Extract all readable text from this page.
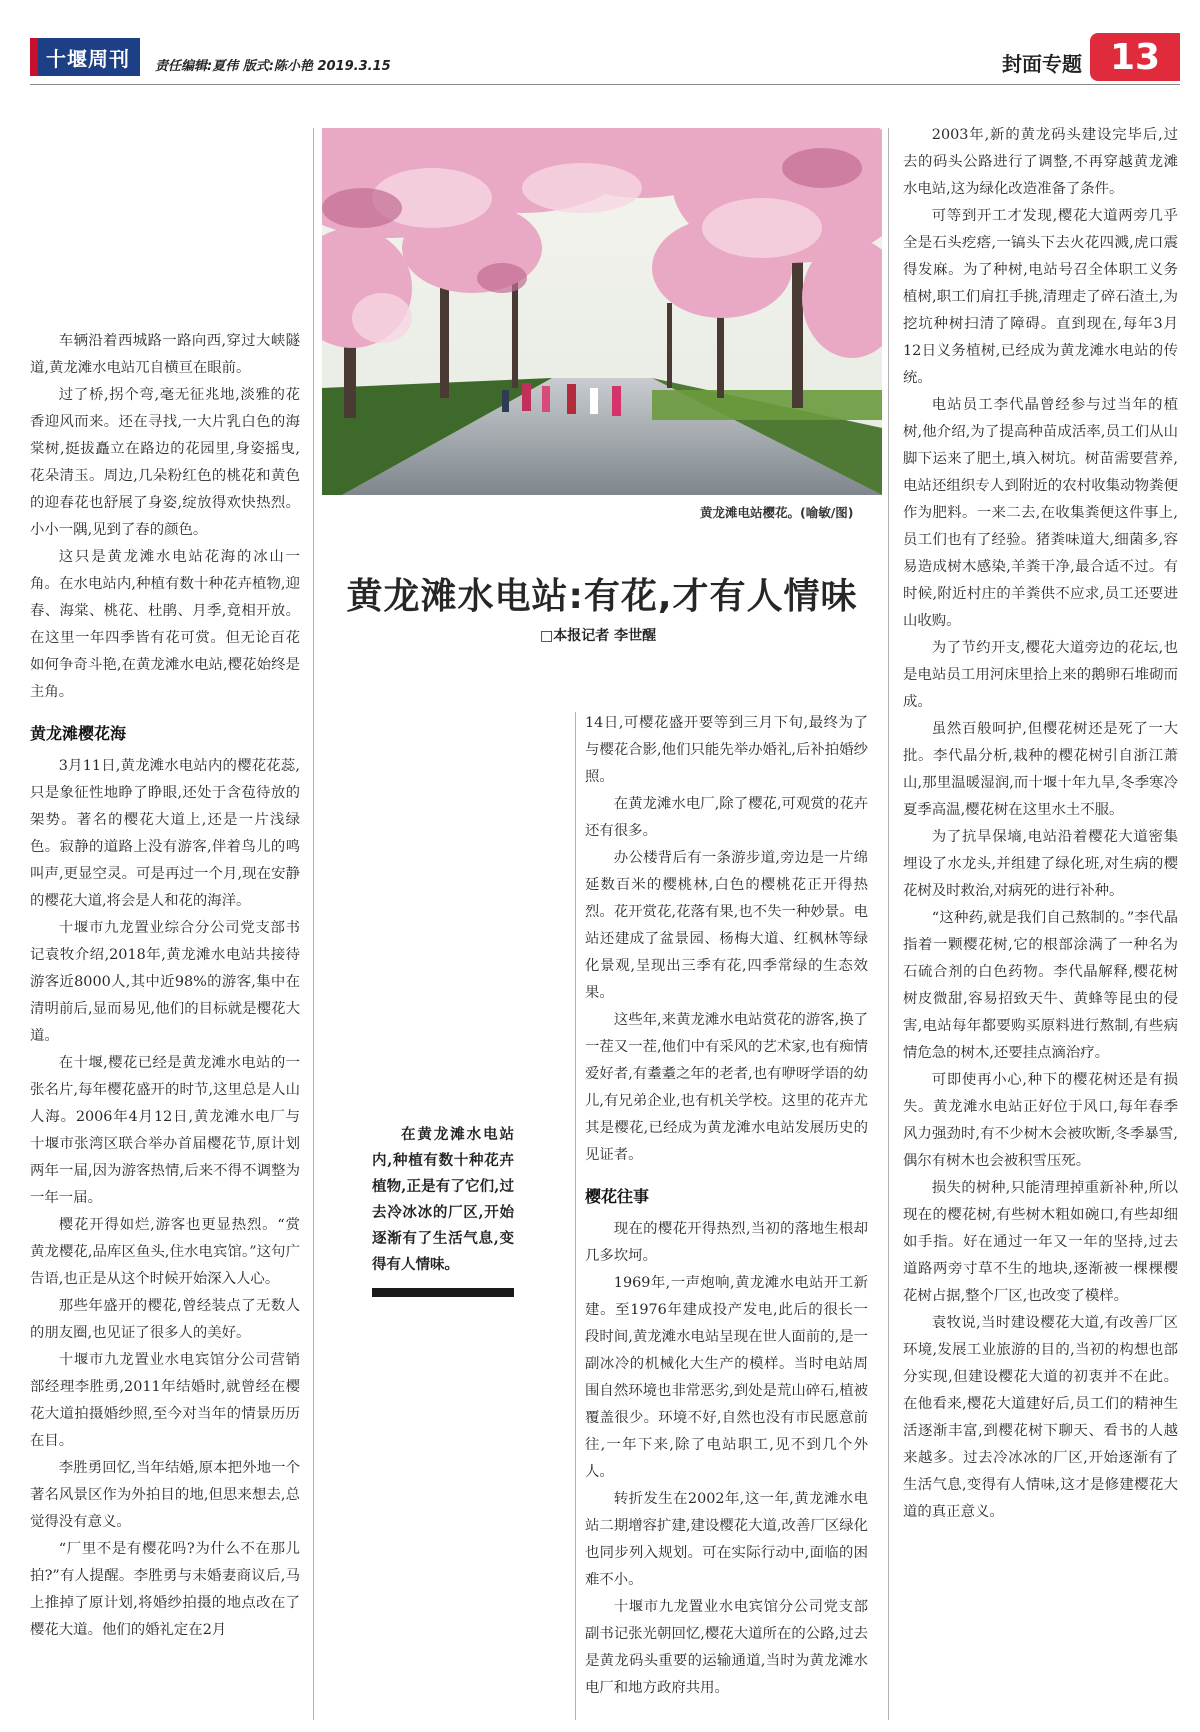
十堰周刊 责任编辑:夏伟 版式:陈小艳 2019.3.15	封面专题 13
黄龙滩电站樱花。(喻敏/图)
黄龙滩水电站:有花,才有人情味
□本报记者 李世醒

车辆沿着西城路一路向西,穿过大峡隧道,黄龙滩水电站兀自横亘在眼前。

过了桥,拐个弯,毫无征兆地,淡雅的花香迎风而来。还在寻找,一大片乳白色的海棠树,挺拔矗立在路边的花园里,身姿摇曳,花朵清玉。周边,几朵粉红色的桃花和黄色的迎春花也舒展了身姿,绽放得欢快热烈。小小一隅,见到了春的颜色。

这只是黄龙滩水电站花海的冰山一角。在水电站内,种植有数十种花卉植物,迎春、海棠、桃花、杜鹃、月季,竟相开放。在这里一年四季皆有花可赏。但无论百花如何争奇斗艳,在黄龙滩水电站,樱花始终是主角。

黄龙滩樱花海

3月11日,黄龙滩水电站内的樱花花蕊,只是象征性地睁了睁眼,还处于含苞待放的架势。著名的樱花大道上,还是一片浅绿色。寂静的道路上没有游客,伴着鸟儿的鸣叫声,更显空灵。可是再过一个月,现在安静的樱花大道,将会是人和花的海洋。

十堰市九龙置业综合分公司党支部书记袁牧介绍,2018年,黄龙滩水电站共接待游客近8000人,其中近98%的游客,集中在清明前后,显而易见,他们的目标就是樱花大道。

在十堰,樱花已经是黄龙滩水电站的一张名片,每年樱花盛开的时节,这里总是人山人海。2006年4月12日,黄龙滩水电厂与十堰市张湾区联合举办首届樱花节,原计划两年一届,因为游客热情,后来不得不调整为一年一届。

樱花开得如烂,游客也更显热烈。“赏黄龙樱花,品库区鱼头,住水电宾馆。”这句广告语,也正是从这个时候开始深入人心。

那些年盛开的樱花,曾经装点了无数人的朋友圈,也见证了很多人的美好。

十堰市九龙置业水电宾馆分公司营销部经理李胜勇,2011年结婚时,就曾经在樱花大道拍摄婚纱照,至今对当年的情景历历在目。

李胜勇回忆,当年结婚,原本把外地一个著名风景区作为外拍目的地,但思来想去,总觉得没有意义。

“厂里不是有樱花吗?为什么不在那儿拍?”有人提醒。李胜勇与未婚妻商议后,马上推掉了原计划,将婚纱拍摄的地点改在了樱花大道。他们的婚礼定在2月

14日,可樱花盛开要等到三月下旬,最终为了与樱花合影,他们只能先举办婚礼,后补拍婚纱照。

在黄龙滩水电厂,除了樱花,可观赏的花卉还有很多。

办公楼背后有一条游步道,旁边是一片绵延数百米的樱桃林,白色的樱桃花正开得热烈。花开赏花,花落有果,也不失一种妙景。电站还建成了盆景园、杨梅大道、红枫林等绿化景观,呈现出三季有花,四季常绿的生态效果。

这些年,来黄龙滩水电站赏花的游客,换了一茬又一茬,他们中有采风的艺术家,也有痴情爱好者,有耋耋之年的老者,也有咿呀学语的幼儿,有兄弟企业,也有机关学校。这里的花卉尤其是樱花,已经成为黄龙滩水电站发展历史的见证者。

樱花往事

现在的樱花开得热烈,当初的落地生根却几多坎坷。

1969年,一声炮响,黄龙滩水电站开工新建。至1976年建成投产发电,此后的很长一段时间,黄龙滩水电站呈现在世人面前的,是一副冰冷的机械化大生产的模样。当时电站周围自然环境也非常恶劣,到处是荒山碎石,植被覆盖很少。环境不好,自然也没有市民愿意前往,一年下来,除了电站职工,见不到几个外人。

转折发生在2002年,这一年,黄龙滩水电站二期增容扩建,建设樱花大道,改善厂区绿化也同步列入规划。可在实际行动中,面临的困难不小。

十堰市九龙置业水电宾馆分公司党支部副书记张光朝回忆,樱花大道所在的公路,过去是黄龙码头重要的运输通道,当时为黄龙滩水电厂和地方政府共用。

2003年,新的黄龙码头建设完毕后,过去的码头公路进行了调整,不再穿越黄龙滩水电站,这为绿化改造准备了条件。

可等到开工才发现,樱花大道两旁几乎全是石头疙瘩,一镐头下去火花四溅,虎口震得发麻。为了种树,电站号召全体职工义务植树,职工们肩扛手挑,清理走了碎石渣土,为挖坑种树扫清了障碍。直到现在,每年3月12日义务植树,已经成为黄龙滩水电站的传统。

电站员工李代晶曾经参与过当年的植树,他介绍,为了提高种苗成活率,员工们从山脚下运来了肥土,填入树坑。树苗需要营养,电站还组织专人到附近的农村收集动物粪便作为肥料。一来二去,在收集粪便这件事上,员工们也有了经验。猪粪味道大,细菌多,容易造成树木感染,羊粪干净,最合适不过。有时候,附近村庄的羊粪供不应求,员工还要进山收购。

为了节约开支,樱花大道旁边的花坛,也是电站员工用河床里拾上来的鹅卵石堆砌而成。

虽然百般呵护,但樱花树还是死了一大批。李代晶分析,栽种的樱花树引自浙江萧山,那里温暖湿润,而十堰十年九旱,冬季寒冷夏季高温,樱花树在这里水土不服。

为了抗旱保墒,电站沿着樱花大道密集埋设了水龙头,并组建了绿化班,对生病的樱花树及时救治,对病死的进行补种。

“这种药,就是我们自己熬制的。”李代晶指着一颗樱花树,它的根部涂满了一种名为石硫合剂的白色药物。李代晶解释,樱花树树皮微甜,容易招致天牛、黄蜂等昆虫的侵害,电站每年都要购买原料进行熬制,有些病情危急的树木,还要挂点滴治疗。

可即使再小心,种下的樱花树还是有损失。黄龙滩水电站正好位于风口,每年春季风力强劲时,有不少树木会被吹断,冬季暴雪,偶尔有树木也会被积雪压死。

损失的树种,只能清理掉重新补种,所以现在的樱花树,有些树木粗如碗口,有些却细如手指。好在通过一年又一年的坚持,过去道路两旁寸草不生的地块,逐渐被一棵棵樱花树占据,整个厂区,也改变了模样。

袁牧说,当时建设樱花大道,有改善厂区环境,发展工业旅游的目的,当初的构想也部分实现,但建设樱花大道的初衷并不在此。在他看来,樱花大道建好后,员工们的精神生活逐渐丰富,到樱花树下聊天、看书的人越来越多。过去冷冰冰的厂区,开始逐渐有了生活气息,变得有人情味,这才是修建樱花大道的真正意义。

在黄龙滩水电站内,种植有数十种花卉植物,正是有了它们,过去冷冰冰的厂区,开始逐渐有了生活气息,变得有人情味。
